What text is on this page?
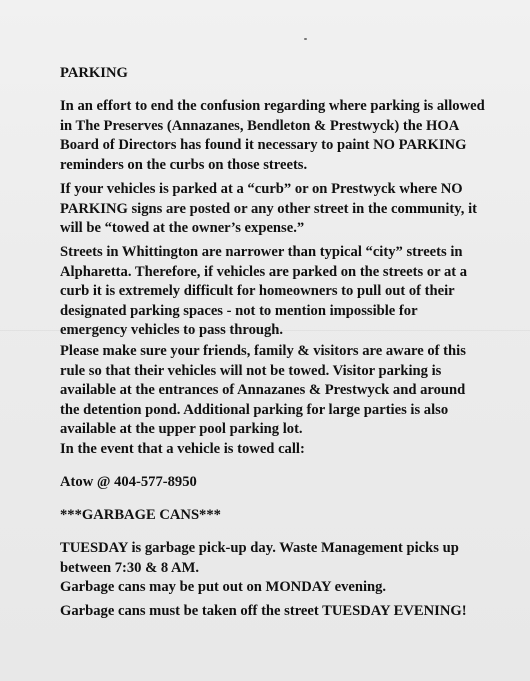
PARKING

In an effort to end the confusion regarding where parking is allowed
in The Preserves (Annazanes, Bendleton & Prestwyck) the HOA
Board of Directors has found it necessary to paint NO PARKING
reminders on the curbs on those streets.

If your vehicles is parked at a “curb” or on Prestwyck where NO
PARKING signs are posted or any other street in the community, it
will be “towed at the owner’s expense.”

Streets in Whittington are narrower than typical “city” streets in
Alpharetta. Therefore, if vehicles are parked on the streets or at a
curb it is extremely difficult for homeowners to pull out of their
designated parking spaces - not to mention impossible for
emergency vehicles to pass through.

Please make sure your friends, family & visitors are aware of this
rule so that their vehicles will not be towed. Visitor parking is
available at the entrances of Annazanes & Prestwyck and around
the detention pond. Additional parking for large parties is also
available at the upper pool parking lot.

In the event that a vehicle is towed call:

Atow @ 404-577-8950

***GARBAGE CANS***

TUESDAY is garbage pick-up day. Waste Management picks up
between 7:30 & 8 AM.
Garbage cans may be put out on MONDAY evening.

Garbage cans must be taken off the street TUESDAY EVENING!
